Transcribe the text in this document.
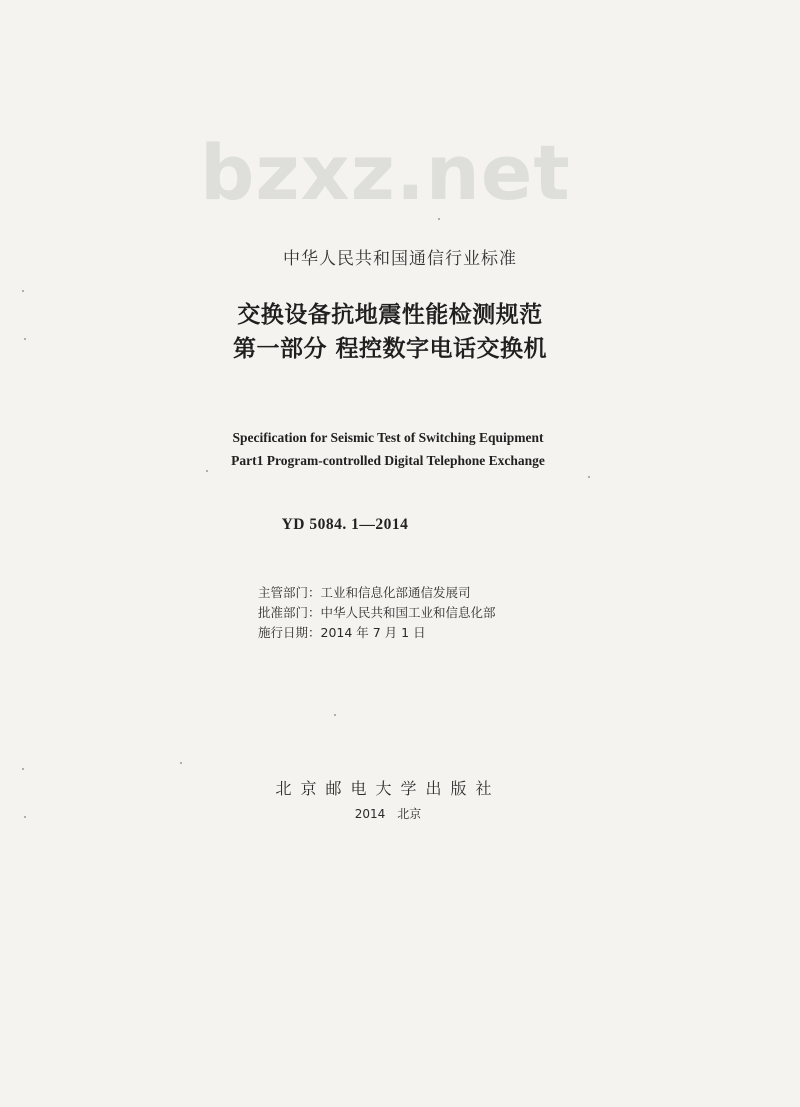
bzxz.net
中华人民共和国通信行业标准
交换设备抗地震性能检测规范
第一部分 程控数字电话交换机
Specification for Seismic Test of Switching Equipment
Part1 Program-controlled Digital Telephone Exchange
YD 5084. 1—2014
主管部门：工业和信息化部通信发展司
批准部门：中华人民共和国工业和信息化部
施行日期：2014 年 7 月 1 日
北京邮电大学出版社
2014 北京
